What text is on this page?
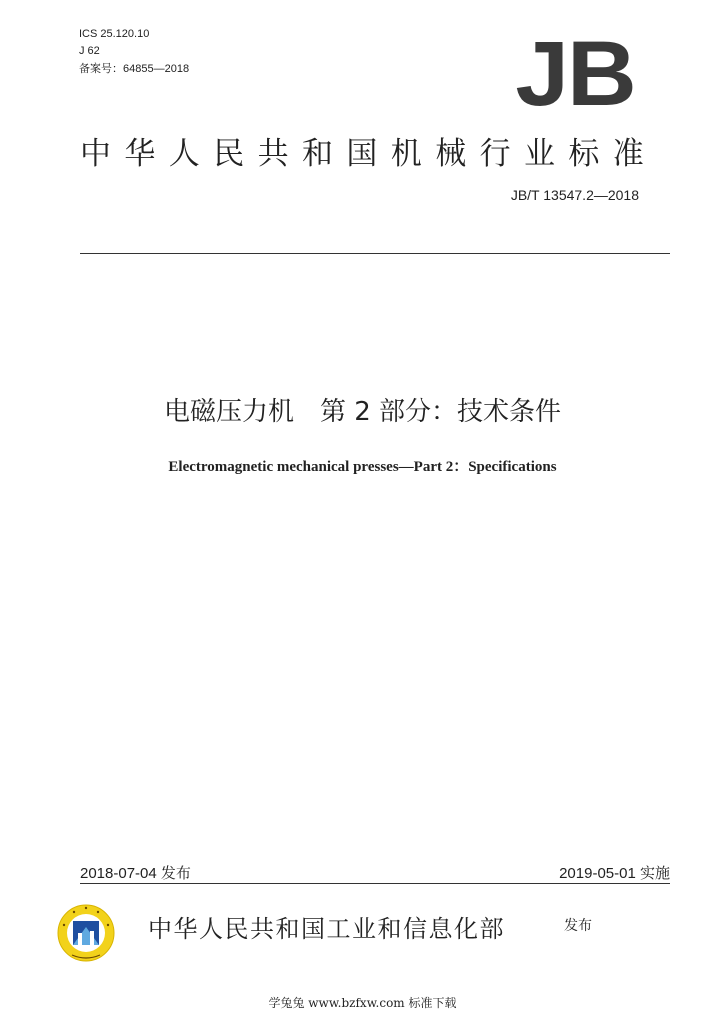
ICS 25.120.10
J 62
备案号：64855—2018	JB
中华人民共和国机械行业标准
JB/T 13547.2—2018
电磁压力机　第 2 部分：技术条件
Electromagnetic mechanical presses—Part 2：Specifications
2018-07-04 发布	2019-05-01 实施
中华人民共和国工业和信息化部	发布
学兔兔 www.bzfxw.com 标准下载
